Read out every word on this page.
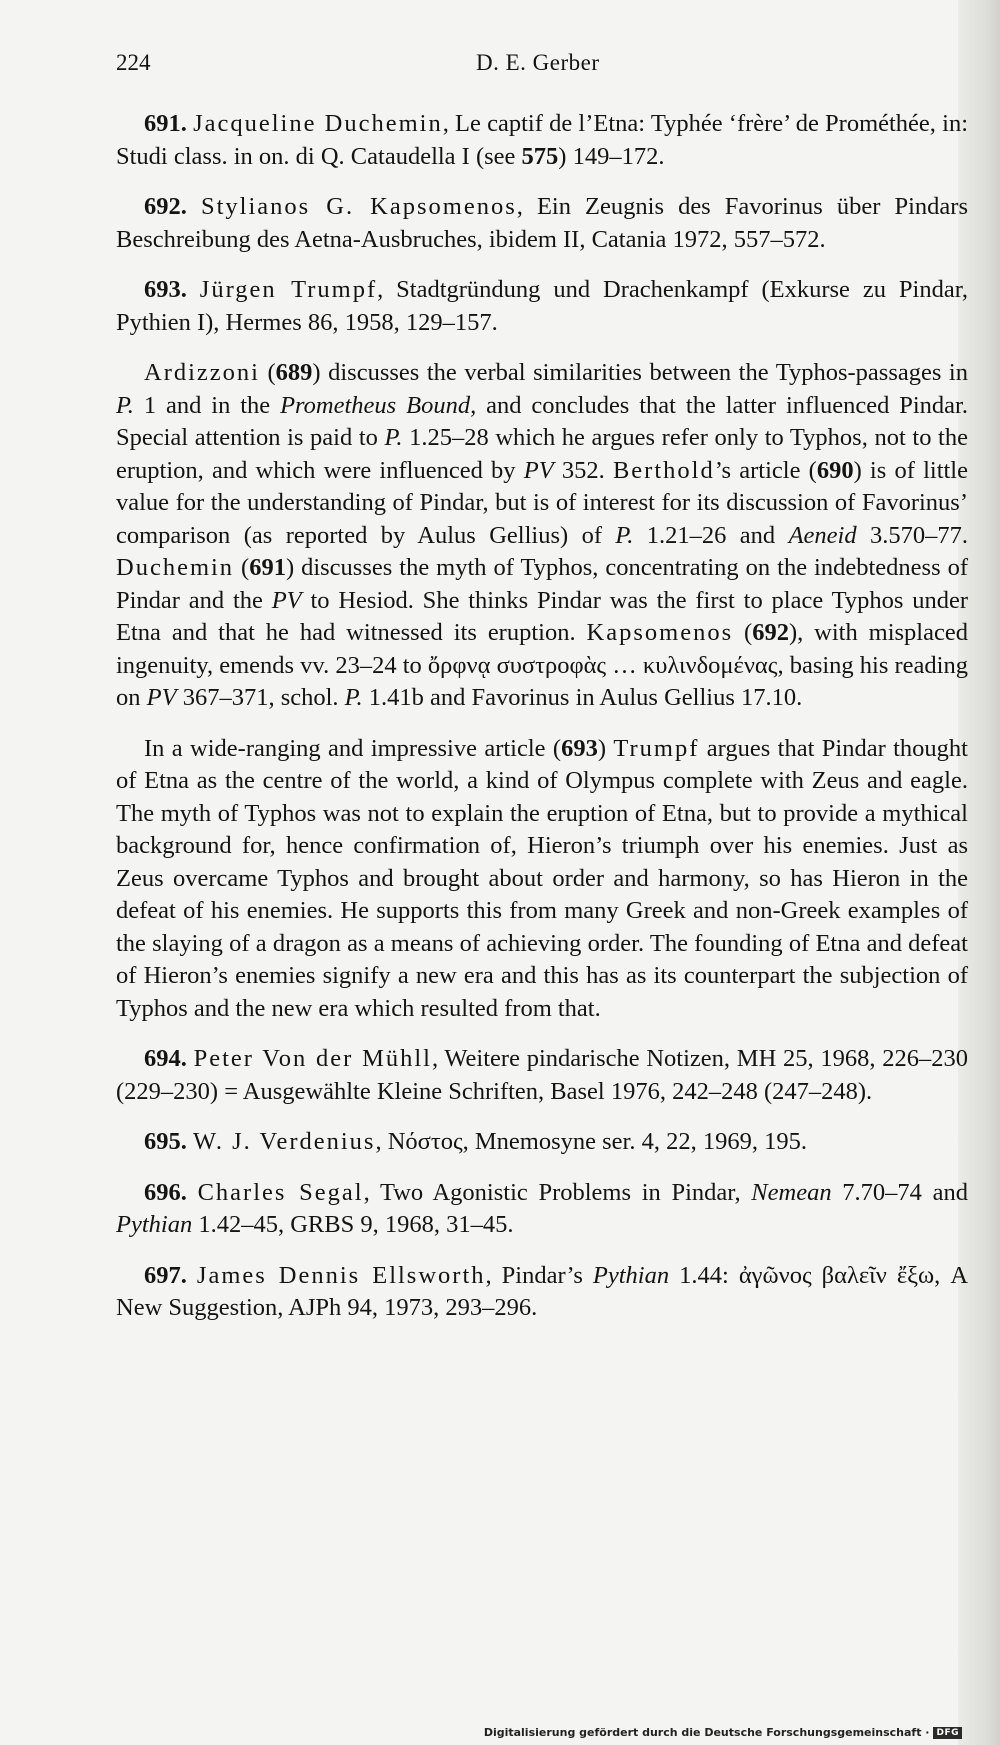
224	D. E. Gerber

691. Jacqueline Duchemin, Le captif de l’Etna: Typhée ‘frère’ de Prométhée, in: Studi class. in on. di Q. Cataudella I (see 575) 149–172.

692. Stylianos G. Kapsomenos, Ein Zeugnis des Favorinus über Pindars Beschreibung des Aetna-Ausbruches, ibidem II, Catania 1972, 557–572.

693. Jürgen Trumpf, Stadtgründung und Drachenkampf (Exkurse zu Pindar, Pythien I), Hermes 86, 1958, 129–157.

Ardizzoni (689) discusses the verbal similarities between the Typhos-passages in P. 1 and in the Prometheus Bound, and concludes that the latter influenced Pindar. Special attention is paid to P. 1.25–28 which he argues refer only to Typhos, not to the eruption, and which were influenced by PV 352. Berthold’s article (690) is of little value for the understanding of Pindar, but is of interest for its discussion of Favorinus’ comparison (as reported by Aulus Gellius) of P. 1.21–26 and Aeneid 3.570–77. Duchemin (691) discusses the myth of Typhos, concentrating on the indebtedness of Pindar and the PV to Hesiod. She thinks Pindar was the first to place Typhos under Etna and that he had witnessed its eruption. Kapsomenos (692), with misplaced ingenuity, emends vv. 23–24 to ὄρφνᾳ συστροφὰς … κυλινδομένας, basing his reading on PV 367–371, schol. P. 1.41b and Favorinus in Aulus Gellius 17.10.

In a wide-ranging and impressive article (693) Trumpf argues that Pindar thought of Etna as the centre of the world, a kind of Olympus complete with Zeus and eagle. The myth of Typhos was not to explain the eruption of Etna, but to provide a mythical background for, hence confirmation of, Hieron’s triumph over his enemies. Just as Zeus overcame Typhos and brought about order and harmony, so has Hieron in the defeat of his enemies. He supports this from many Greek and non-Greek examples of the slaying of a dragon as a means of achieving order. The founding of Etna and defeat of Hieron’s enemies signify a new era and this has as its counterpart the subjection of Typhos and the new era which resulted from that.

694. Peter Von der Mühll, Weitere pindarische Notizen, MH 25, 1968, 226–230 (229–230) = Ausgewählte Kleine Schriften, Basel 1976, 242–248 (247–248).

695. W. J. Verdenius, Νόστος, Mnemosyne ser. 4, 22, 1969, 195.

696. Charles Segal, Two Agonistic Problems in Pindar, Nemean 7.70–74 and Pythian 1.42–45, GRBS 9, 1968, 31–45.

697. James Dennis Ellsworth, Pindar’s Pythian 1.44: ἀγῶνος βαλεῖν ἔξω, A New Suggestion, AJPh 94, 1973, 293–296.

Digitalisierung gefördert durch die Deutsche Forschungsgemeinschaft · DFG
